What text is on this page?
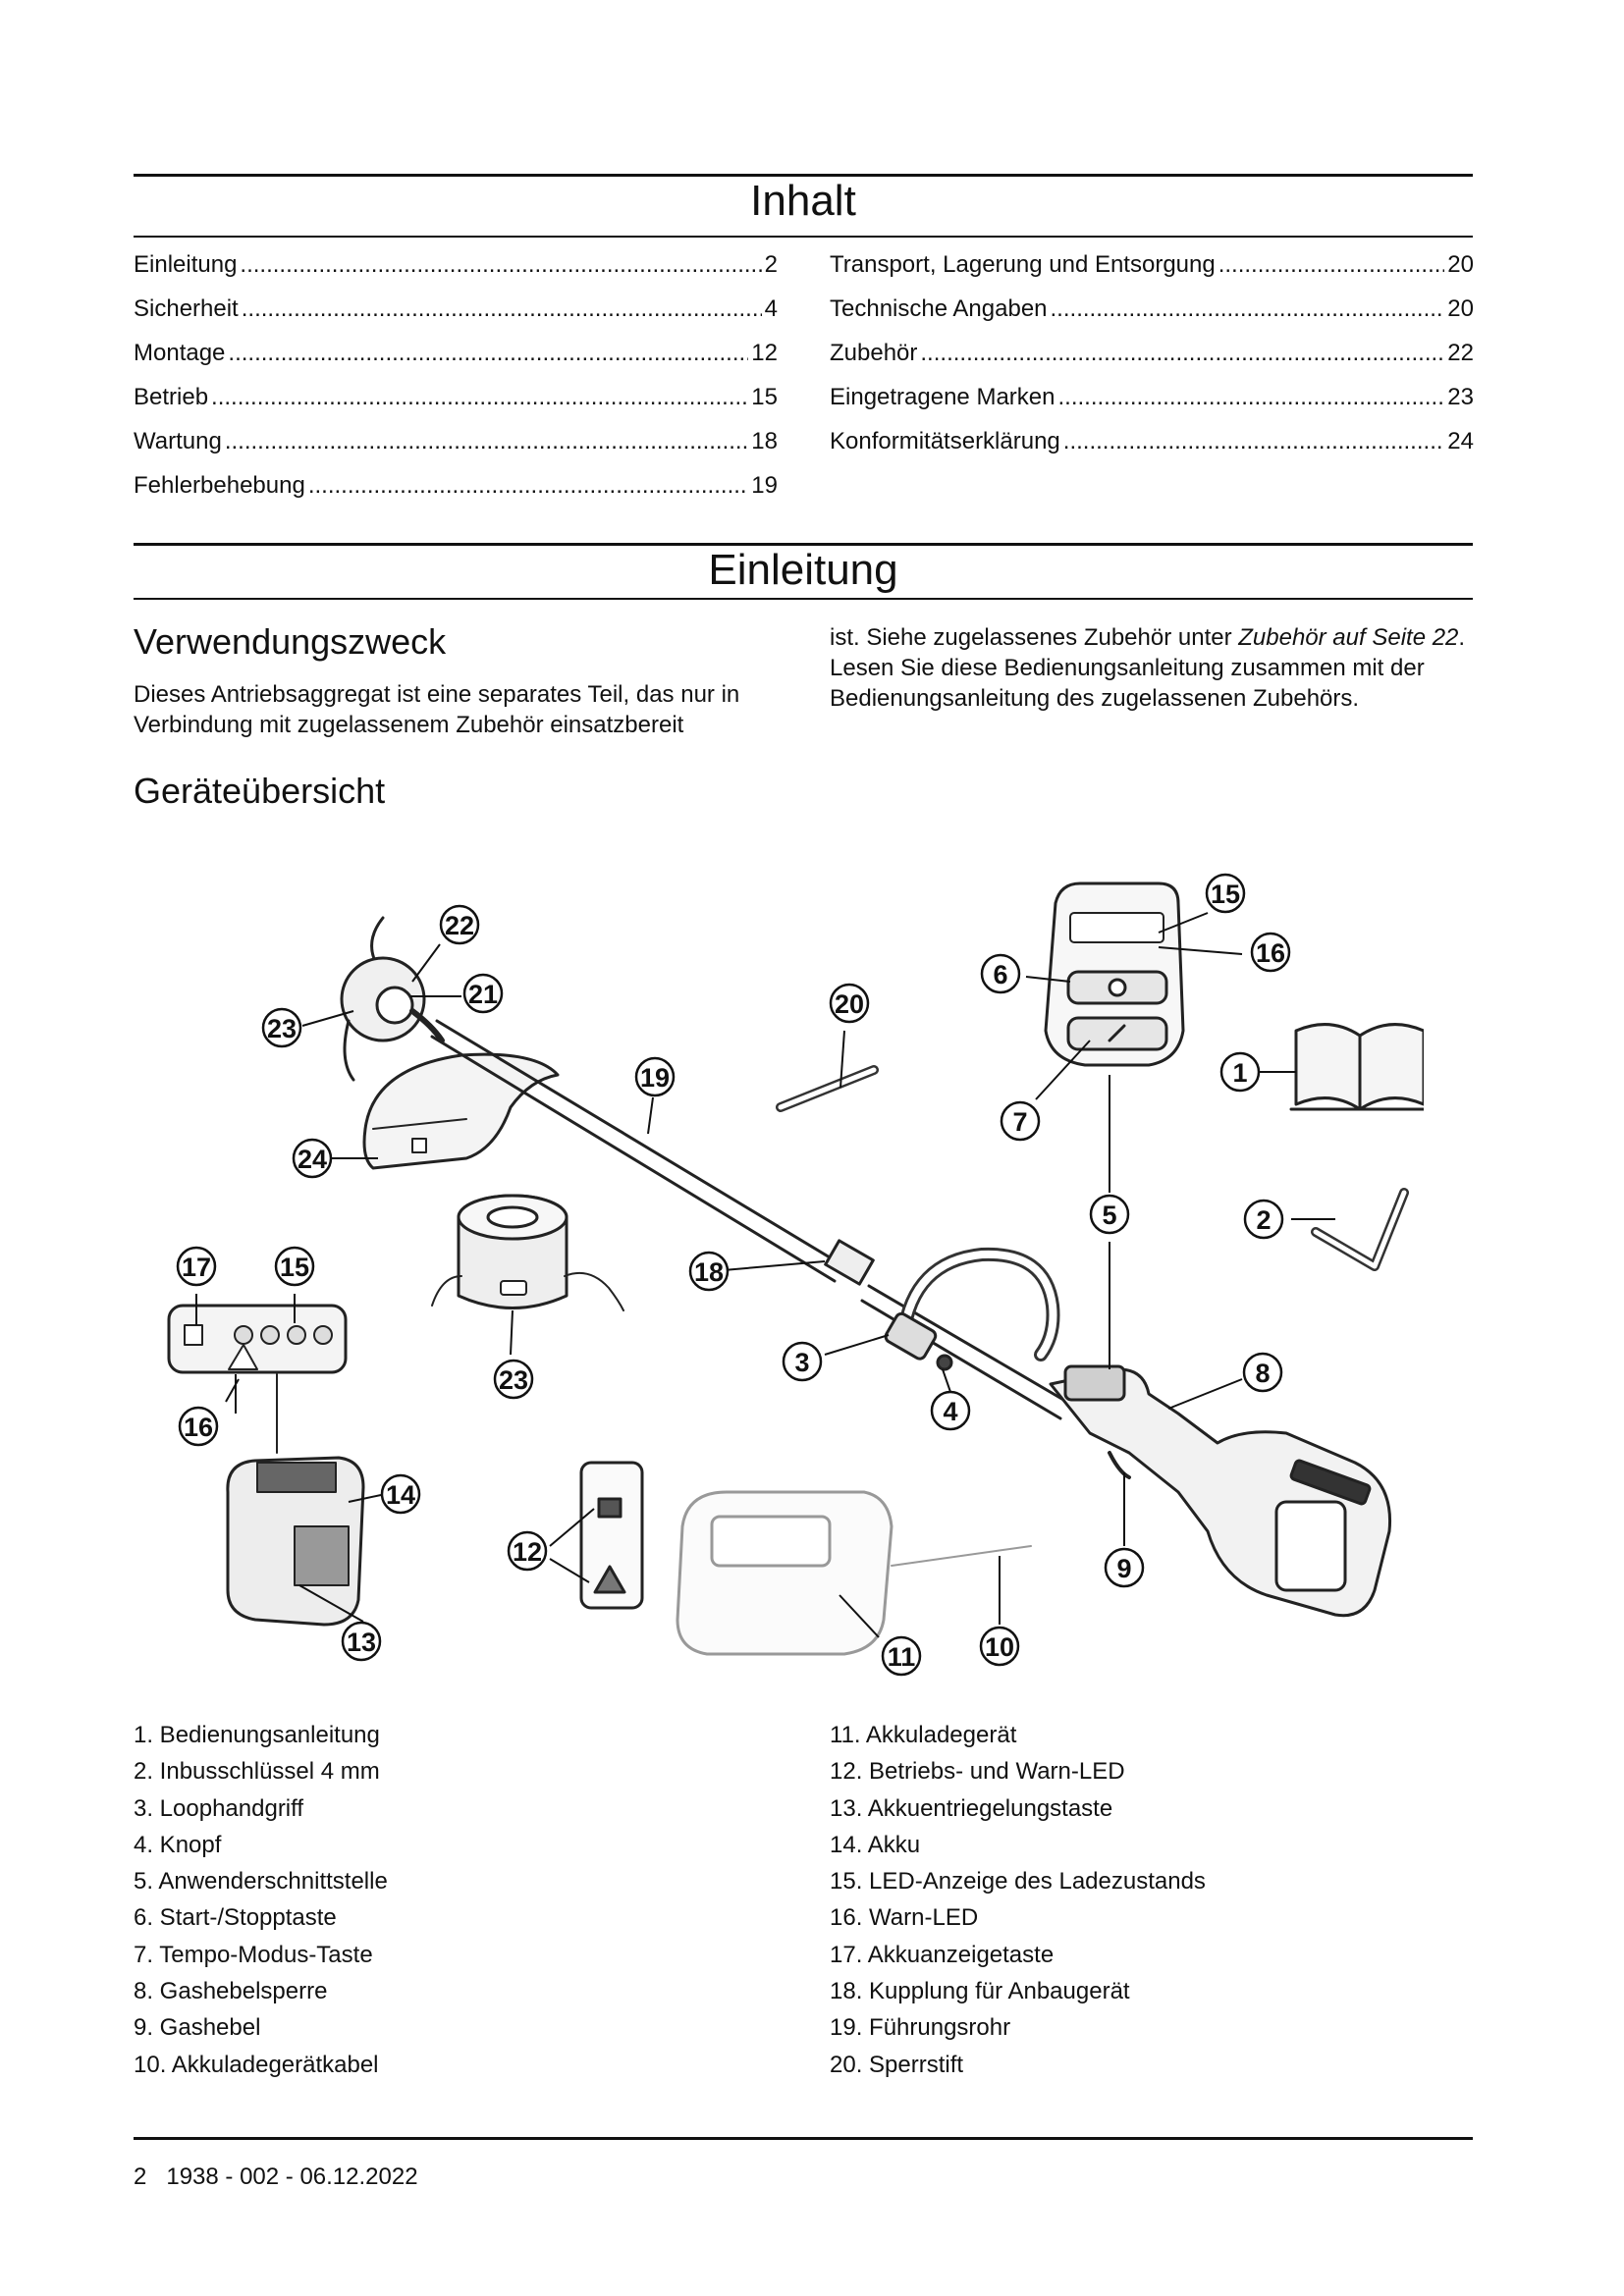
Inhalt
Einleitung .....	2
Sicherheit .....	4
Montage .....	12
Betrieb .....	15
Wartung .....	18
Fehlerbehebung .....	19
Transport, Lagerung und Entsorgung .....	20
Technische Angaben .....	20
Zubehör .....	22
Eingetragene Marken .....	23
Konformitätserklärung .....	24
Einleitung
Verwendungszweck

Dieses Antriebsaggregat ist eine separates Teil, das nur in Verbindung mit zugelassenem Zubehör einsatzbereit

ist. Siehe zugelassenes Zubehör unter Zubehör auf Seite 22. Lesen Sie diese Bedienungsanleitung zusammen mit der Bedienungsanleitung des zugelassenen Zubehörs.

Geräteübersicht
1
2
3
4
5
6
7
8
9
10
11
12
13
14
15
15
16
16
17	18
19
20
21
22
23
23
24
1. Bedienungsanleitung
2. Inbusschlüssel 4 mm
3. Loophandgriff
4. Knopf
5. Anwenderschnittstelle
6. Start-/Stopptaste
7. Tempo-Modus-Taste
8. Gashebelsperre
9. Gashebel
10. Akkuladegerätkabel
11. Akkuladegerät
12. Betriebs- und Warn-LED
13. Akkuentriegelungstaste
14. Akku
15. LED-Anzeige des Ladezustands
16. Warn-LED
17. Akkuanzeigetaste
18. Kupplung für Anbaugerät
19. Führungsrohr
20. Sperrstift
2   1938 - 002 - 06.12.2022
